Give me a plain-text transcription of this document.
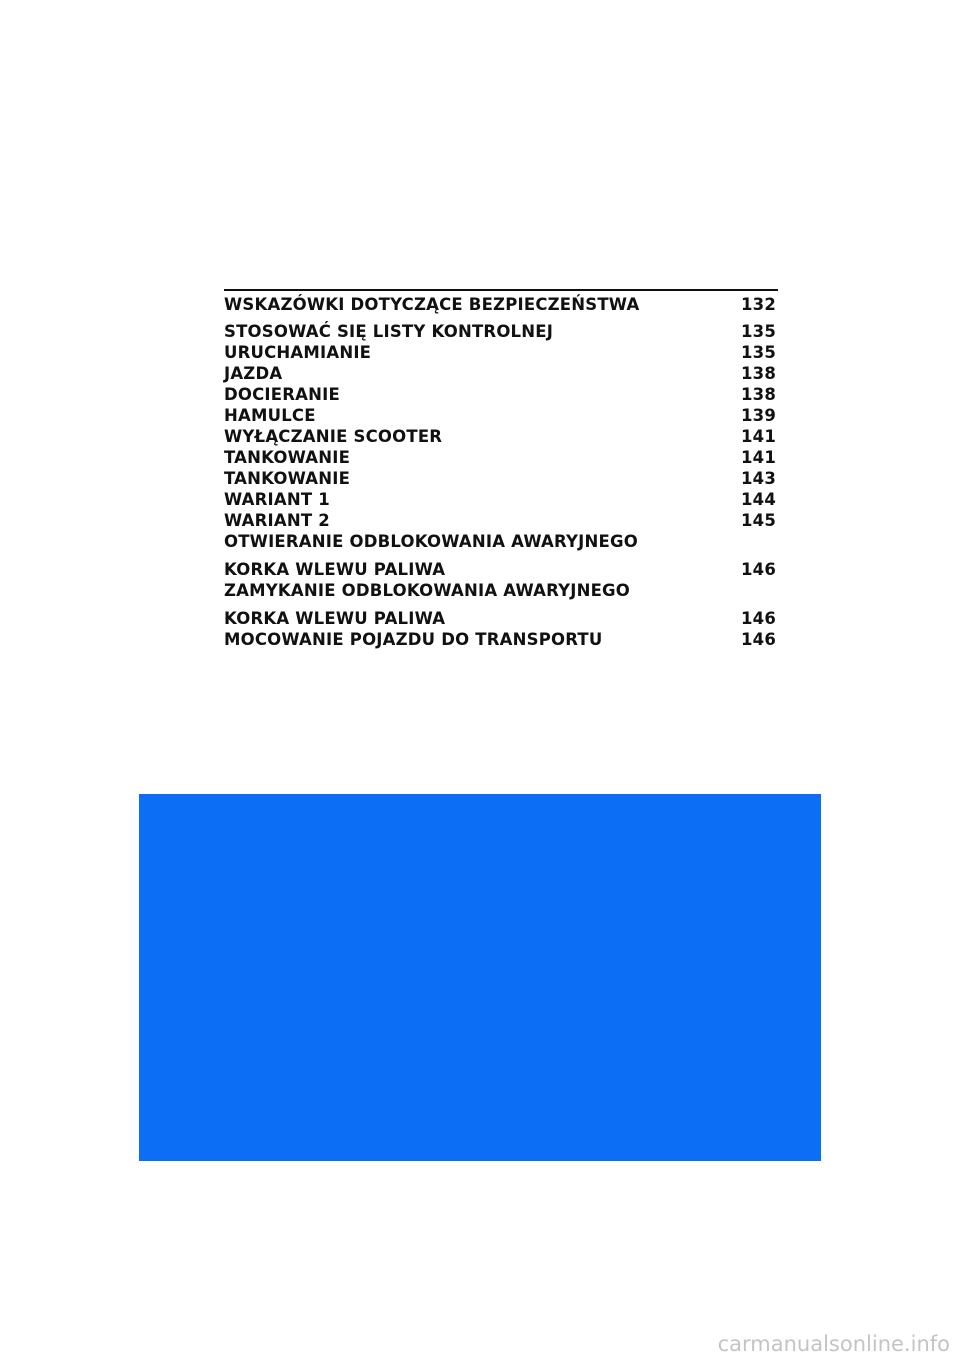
WSKAZÓWKI DOTYCZĄCE BEZPIECZEŃSTWA	132
STOSOWAĆ SIĘ LISTY KONTROLNEJ	135
URUCHAMIANIE	135
JAZDA	138
DOCIERANIE	138
HAMULCE	139
WYŁĄCZANIE SCOOTER	141
TANKOWANIE	141
TANKOWANIE	143
WARIANT 1	144
WARIANT 2	145
OTWIERANIE ODBLOKOWANIA AWARYJNEGO
KORKA WLEWU PALIWA	146
ZAMYKANIE ODBLOKOWANIA AWARYJNEGO
KORKA WLEWU PALIWA	146
MOCOWANIE POJAZDU DO TRANSPORTU	146
carmanualsonline.info
